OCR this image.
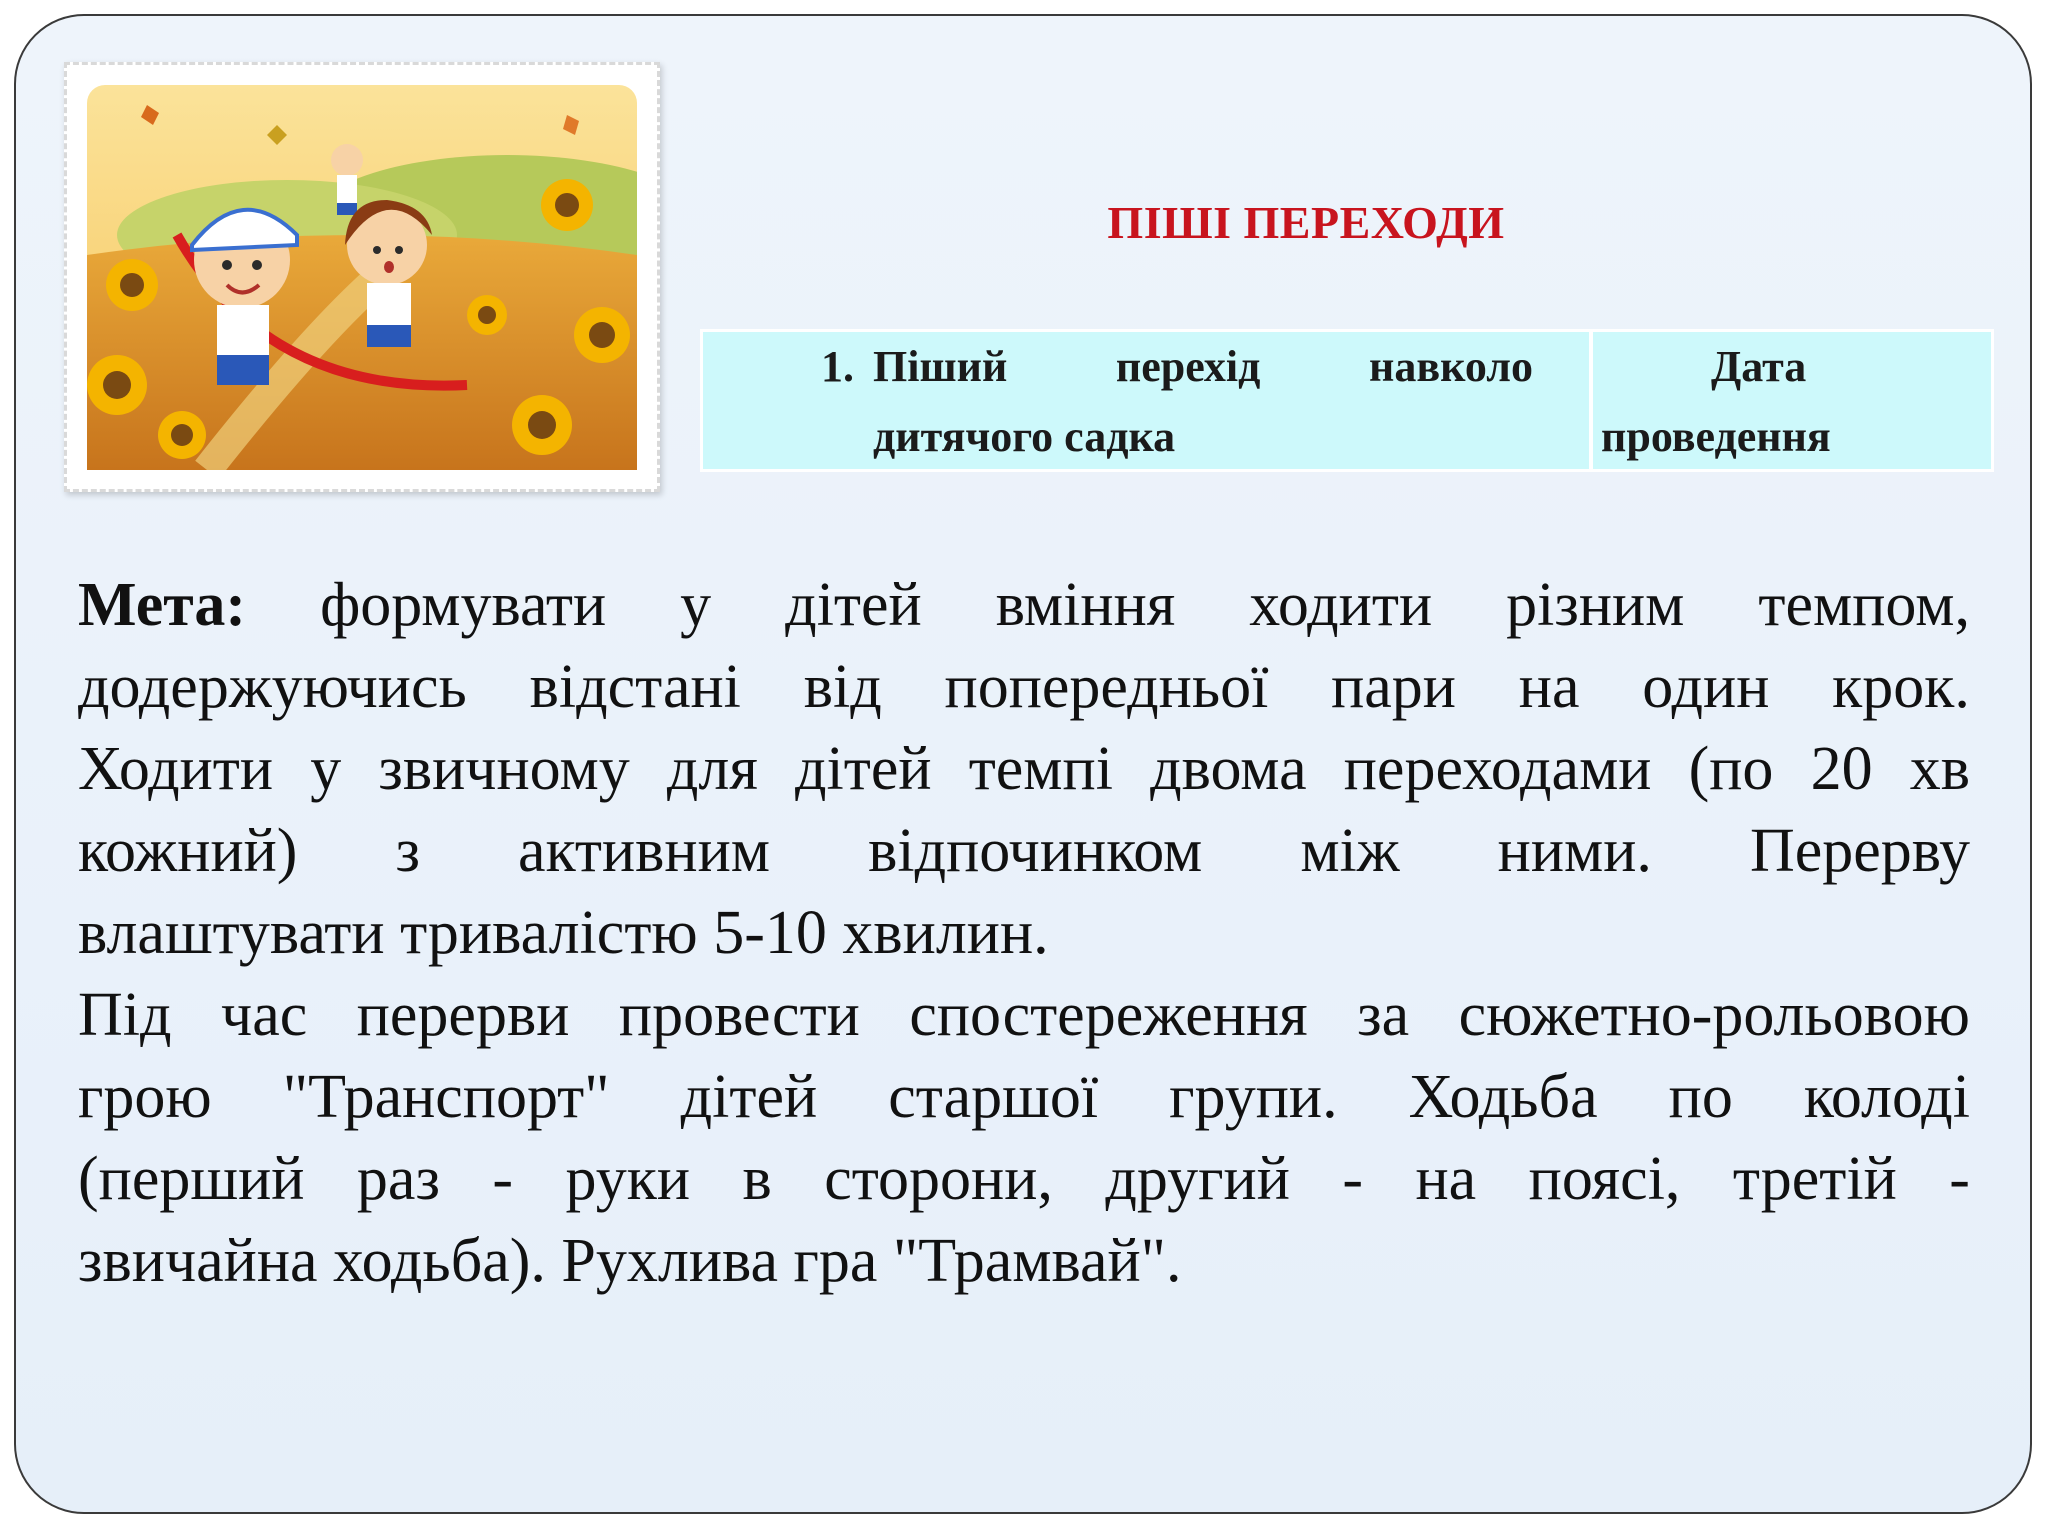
ПІШІ ПЕРЕХОДИ
1. Піший перехід навколо
дитячого садка
Дата
проведення
Мета: формувати у дітей вміння ходити різним темпом,
додержуючись відстані від попередньої пари на один крок.
Ходити у звичному для дітей темпі двома переходами (по 20 хв
кожний) з активним відпочинком між ними. Перерву
влаштувати тривалістю 5-10 хвилин.
Під час перерви провести спостереження за сюжетно-рольовою
грою "Транспорт" дітей старшої групи. Ходьба по колоді
(перший раз - руки в сторони, другий - на поясі, третій -
звичайна ходьба). Рухлива гра "Трамвай".
